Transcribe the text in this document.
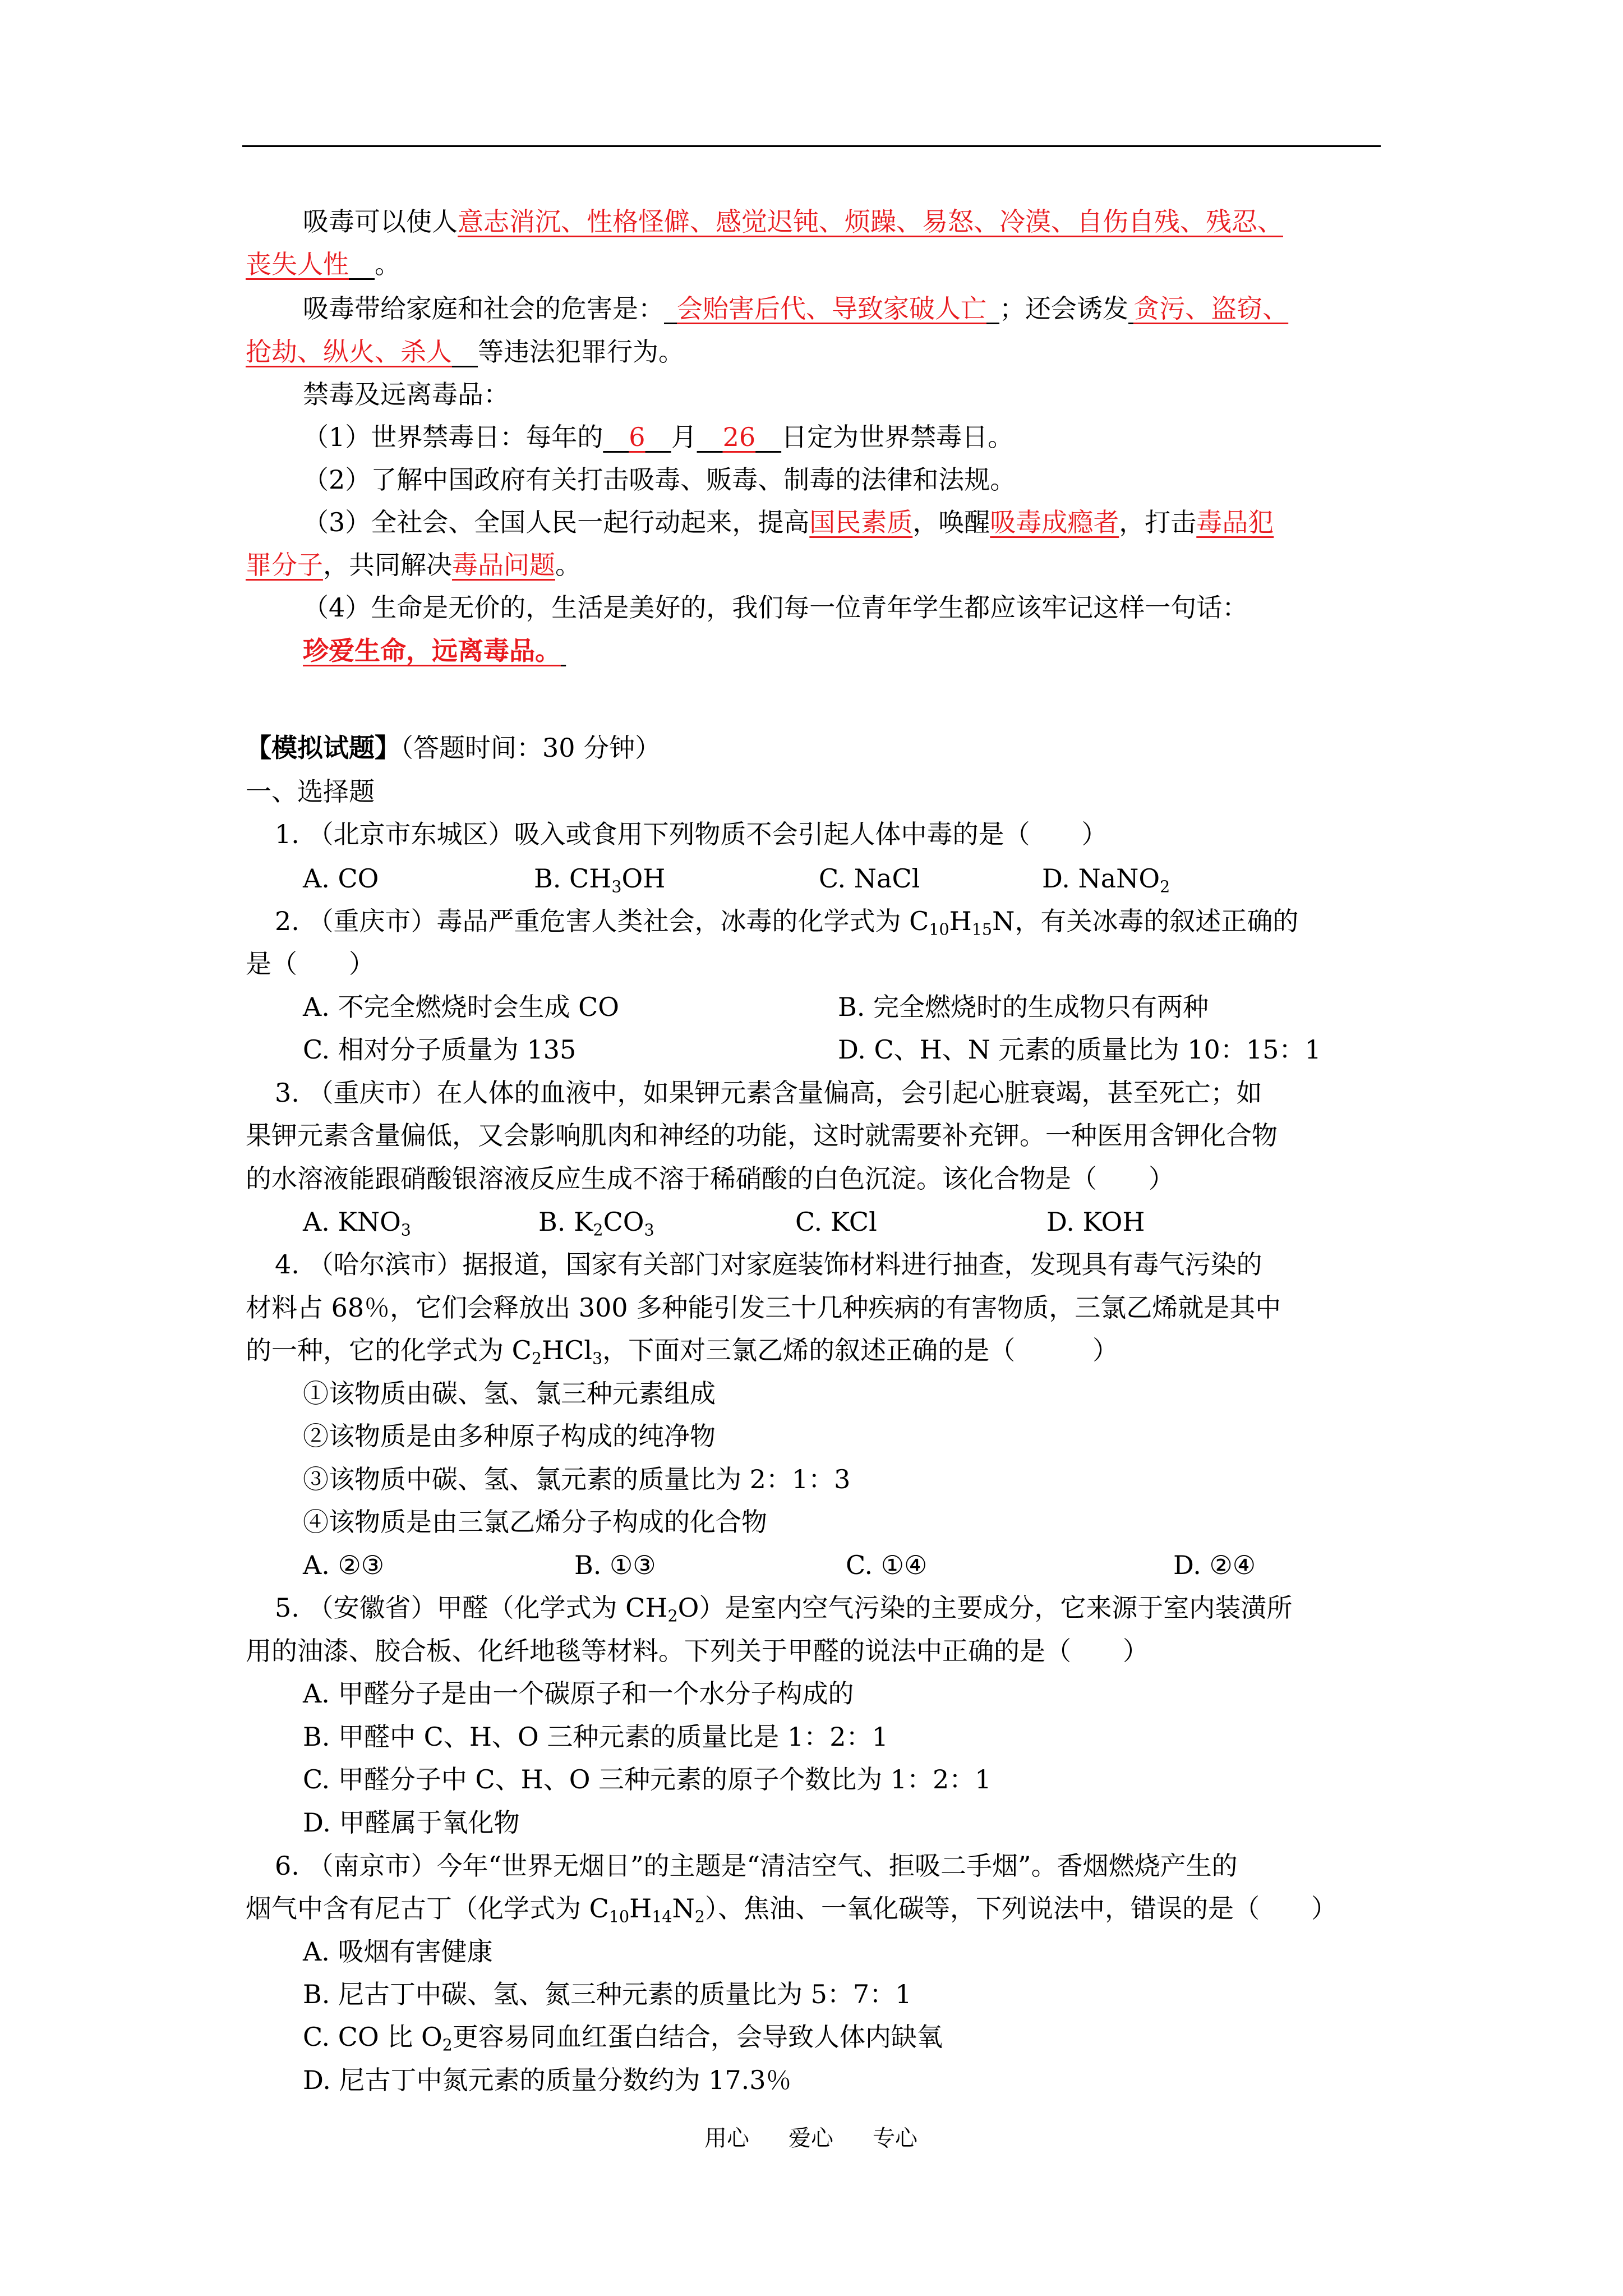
吸毒可以使人意志消沉、性格怪僻、感觉迟钝、烦躁、易怒、冷漠、自伤自残、残忍、
丧失人性  。
吸毒带给家庭和社会的危害是：  会贻害后代、导致家破人亡  ；还会诱发  贪污、盗窃、
抢劫、纵火、杀人  等违法犯罪行为。
禁毒及远离毒品：
（1）世界禁毒日：每年的  6  月  26  日定为世界禁毒日。
（2）了解中国政府有关打击吸毒、贩毒、制毒的法律和法规。
（3）全社会、全国人民一起行动起来，提高国民素质，唤醒吸毒成瘾者，打击毒品犯
罪分子，共同解决毒品问题。
（4）生命是无价的，生活是美好的，我们每一位青年学生都应该牢记这样一句话：
珍爱生命，远离毒品。 
【模拟试题】（答题时间：30 分钟）
一、选择题
1. （北京市东城区）吸入或食用下列物质不会引起人体中毒的是（　　）
A. CO	B. $CH_3OH$	C. NaCl	D. NaNO$_2$
2. （重庆市）毒品严重危害人类社会，冰毒的化学式为 $C_{10}H_{15}N$，有关冰毒的叙述正确的
是（　　）
A. 不完全燃烧时会生成 CO	B. 完全燃烧时的生成物只有两种
C. 相对分子质量为 135	D. C、H、N 元素的质量比为 10：15：1
3. （重庆市）在人体的血液中，如果钾元素含量偏高，会引起心脏衰竭，甚至死亡；如
果钾元素含量偏低，又会影响肌肉和神经的功能，这时就需要补充钾。一种医用含钾化合物
的水溶液能跟硝酸银溶液反应生成不溶于稀硝酸的白色沉淀。该化合物是（　　）
A. $KNO_3$	B. $K_2CO_3$	C. KCl	D. KOH
4. （哈尔滨市）据报道，国家有关部门对家庭装饰材料进行抽查，发现具有毒气污染的
材料占 68％，它们会释放出 300 多种能引发三十几种疾病的有害物质，三氯乙烯就是其中
的一种，它的化学式为 $C_2HCl_3$，下面对三氯乙烯的叙述正确的是（　　　）
①该物质由碳、氢、氯三种元素组成
②该物质是由多种原子构成的纯净物
③该物质中碳、氢、氯元素的质量比为 2：1：3
④该物质是由三氯乙烯分子构成的化合物
A. ②③	B. ①③	C. ①④	D. ②④
5. （安徽省）甲醛（化学式为 $CH_2O$）是室内空气污染的主要成分，它来源于室内装潢所
用的油漆、胶合板、化纤地毯等材料。下列关于甲醛的说法中正确的是（　　）
A. 甲醛分子是由一个碳原子和一个水分子构成的
B. 甲醛中 C、H、O 三种元素的质量比是 1：2：1
C. 甲醛分子中 C、H、O 三种元素的原子个数比为 1：2：1
D. 甲醛属于氧化物
6. （南京市）今年“世界无烟日”的主题是“清洁空气、拒吸二手烟”。香烟燃烧产生的
烟气中含有尼古丁（化学式为 $C_{10}H_{14}N_2$）、焦油、一氧化碳等，下列说法中，错误的是（　　）
A. 吸烟有害健康
B. 尼古丁中碳、氢、氮三种元素的质量比为 5：7：1
C. CO 比 $O_2$更容易同血红蛋白结合，会导致人体内缺氧
D. 尼古丁中氮元素的质量分数约为 17.3％
用心 爱心 专心
